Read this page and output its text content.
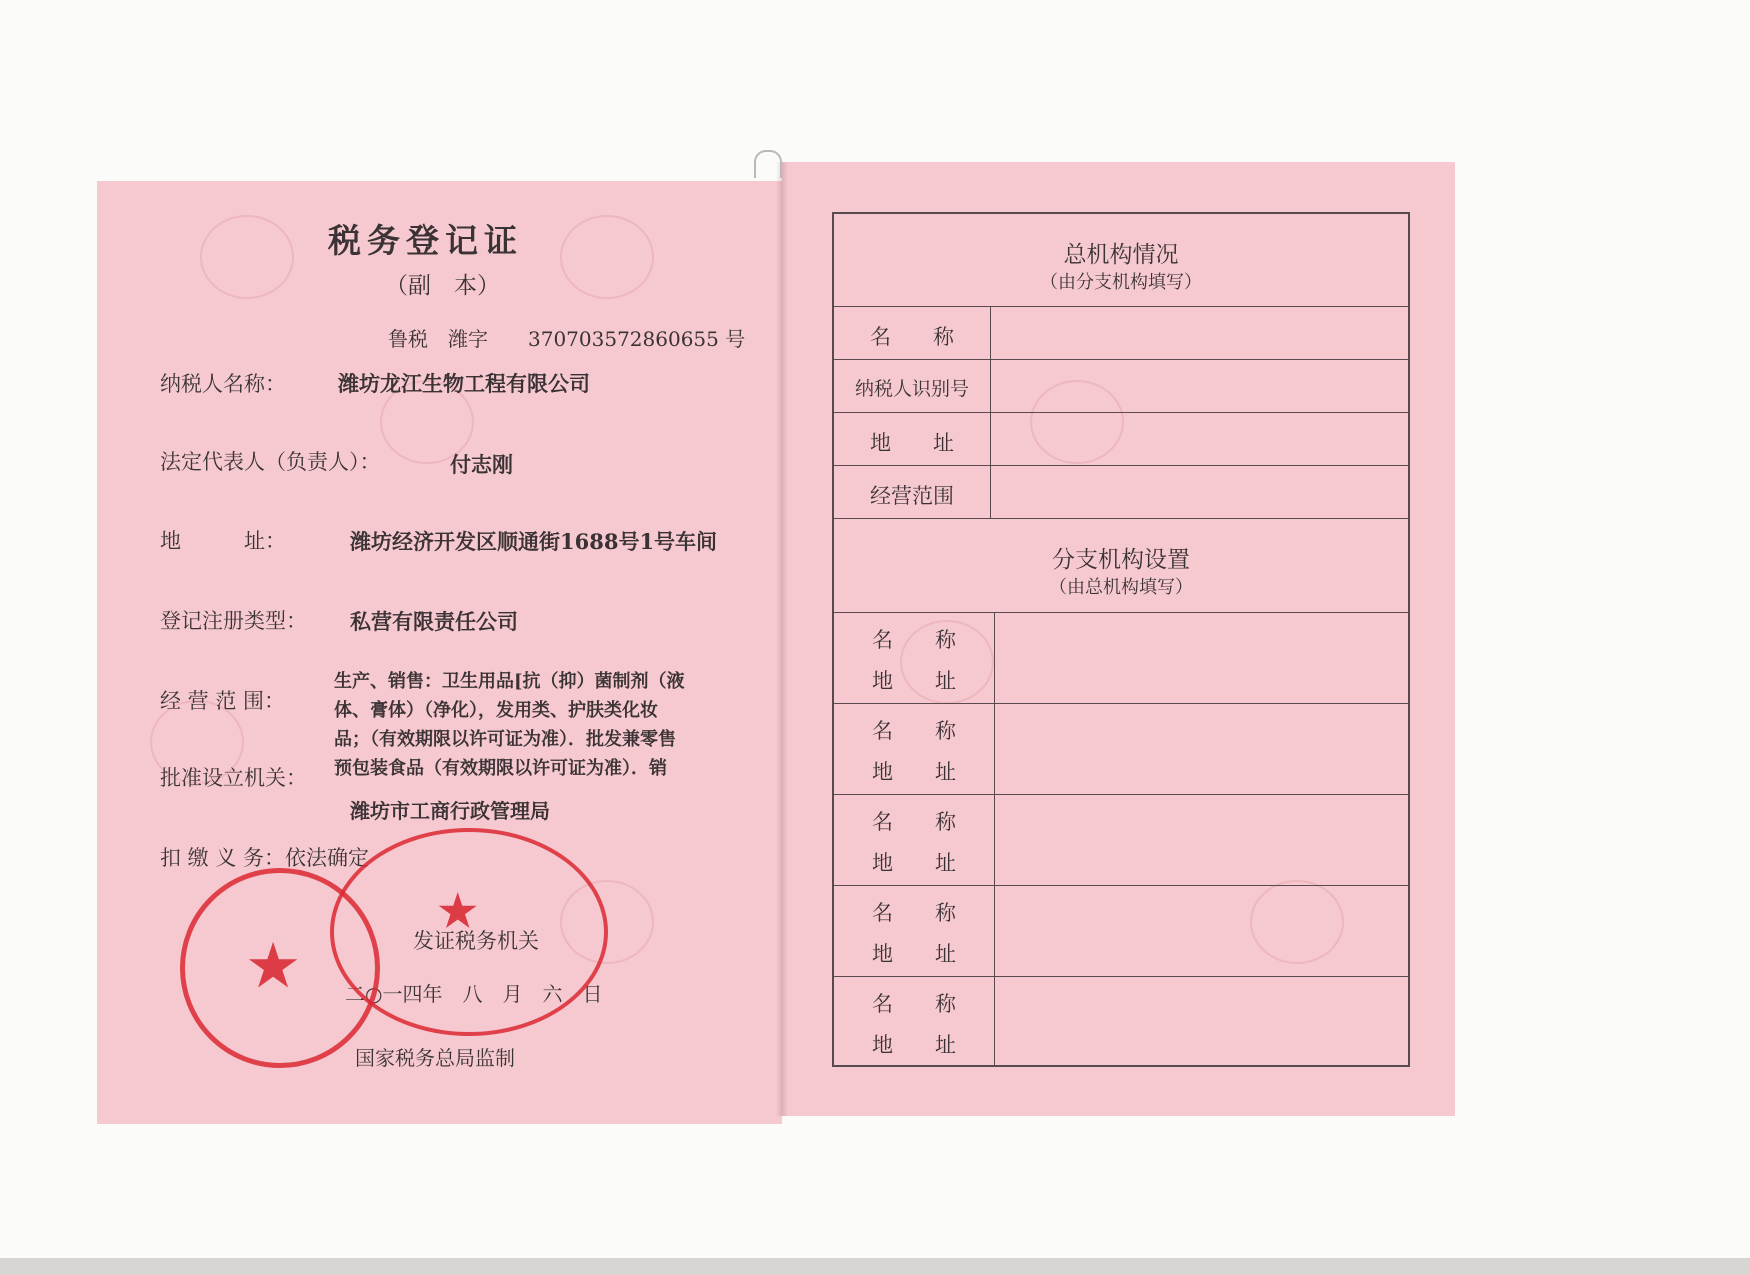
税务登记证
（副　本）
鲁税　潍字　　370703572860655 号
纳税人名称： 潍坊龙江生物工程有限公司
法定代表人（负责人）：	付志刚
地　　　址：	潍坊经济开发区顺通街1688号1号车间
登记注册类型： 私营有限责任公司
经 营 范 围：
生产、销售：卫生用品[抗（抑）菌制剂（液
体、膏体）（净化），发用类、护肤类化妆
品；（有效期限以许可证为准）．批发兼零售
预包装食品（有效期限以许可证为准）．销
批准设立机关：
潍坊市工商行政管理局
扣 缴 义 务：依法确定
发证税务机关
二○一四年　八　月　六　日
国家税务总局监制
★
★
总机构情况
（由分支机构填写）
名　　称
纳税人识别号
地　　址
经营范围
分支机构设置
（由总机构填写）
名　　称
地　　址
名　　称
地　　址
名　　称
地　　址
名　　称
地　　址
名　　称
地　　址
